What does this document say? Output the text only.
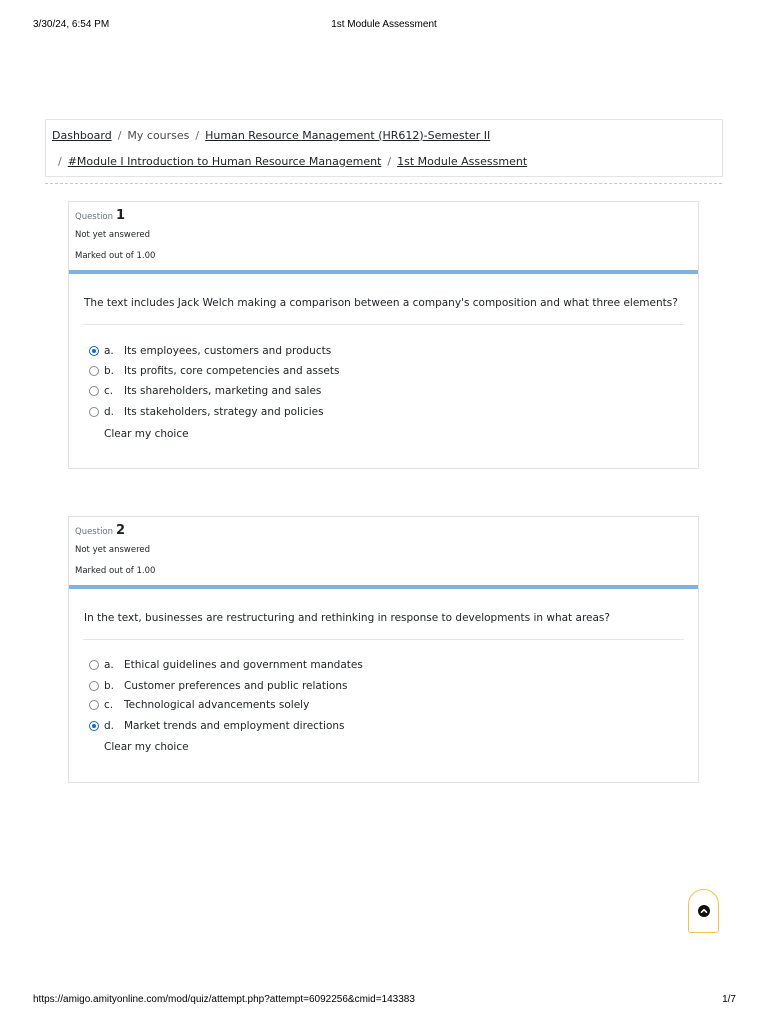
3/30/24, 6:54 PM	1st Module Assessment
Dashboard / My courses / Human Resource Management (HR612)-Semester II
/ #Module I Introduction to Human Resource Management / 1st Module Assessment
Question 1
Not yet answered
Marked out of 1.00
The text includes Jack Welch making a comparison between a company's composition and what three elements?
a. Its employees, customers and products
b. Its profits, core competencies and assets
c.	Its shareholders, marketing and sales
d. Its stakeholders, strategy and policies
Clear my choice
Question 2
Not yet answered
Marked out of 1.00
In the text, businesses are restructuring and rethinking in response to developments in what areas?
a. Ethical guidelines and government mandates
b. Customer preferences and public relations
c.	Technological advancements solely
d. Market trends and employment directions
Clear my choice
https://amigo.amityonline.com/mod/quiz/attempt.php?attempt=6092256&cmid=143383	1/7
